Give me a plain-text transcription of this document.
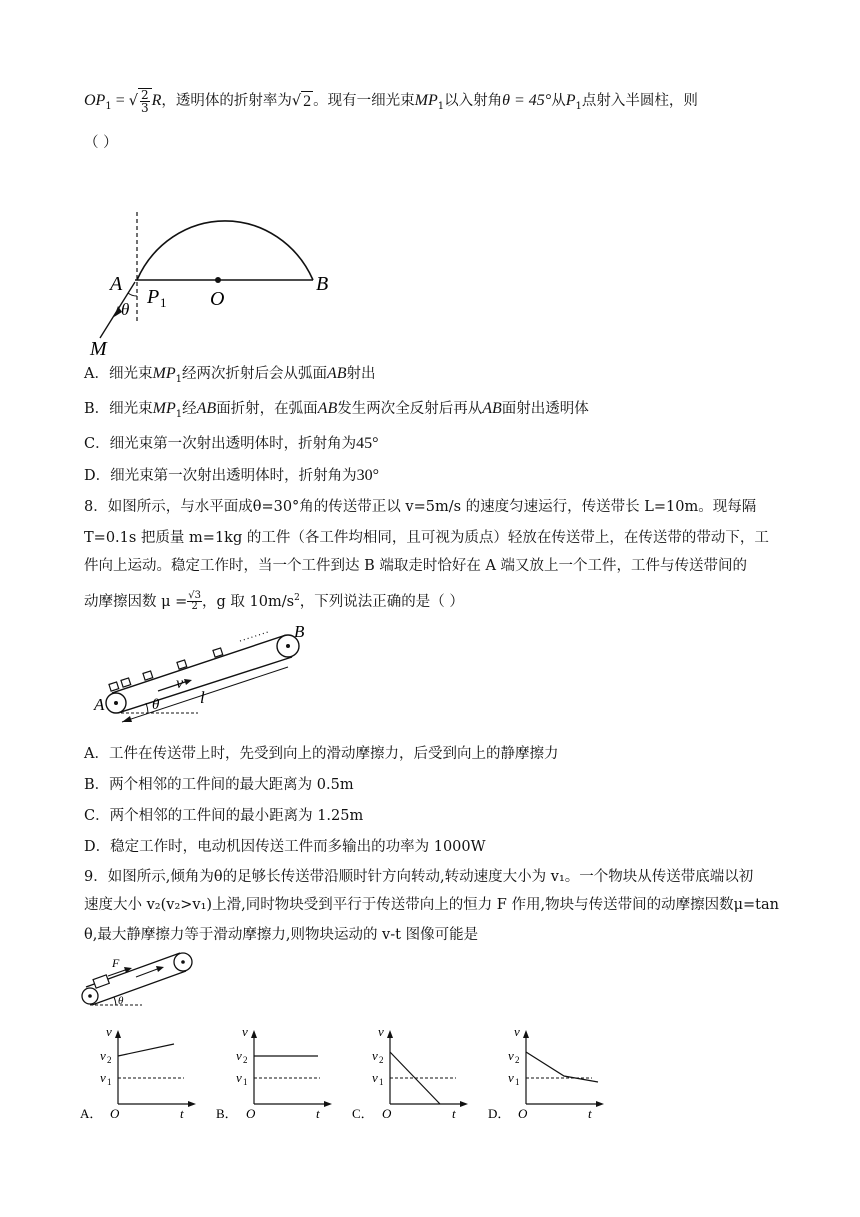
$OP_1$ = √ $\frac{2}{3}$ R，透明体的折射率为√ 2 。现有一细光束$MP_1$以入射角θ = 45°从$P_1$点射入半圆柱，则
（ ）
A	B
O
P 1
θ
M
A．细光束$MP_1$经两次折射后会从弧面AB射出
B．细光束$MP_1$经AB面折射，在弧面AB发生两次全反射后再从AB面射出透明体
C．细光束第一次射出透明体时，折射角为45°
D．细光束第一次射出透明体时，折射角为30°
8．如图所示，与水平面成θ=30°角的传送带正以 v=5m/s 的速度匀速运行，传送带长 L=10m。现每隔
T=0.1s 把质量 m=1kg 的工件（各工件均相同，且可视为质点）轻放在传送带上，在传送带的带动下，工
件向上运动。稳定工作时，当一个工件到达 B 端取走时恰好在 A 端又放上一个工件，工件与传送带间的
动摩擦因数 $\mu = \frac{√3}{2}$ ，g 取 $10m/s^2$，下列说法正确的是（ ）
A
B
v
l
θ
A．工件在传送带上时，先受到向上的滑动摩擦力，后受到向上的静摩擦力
B．两个相邻的工件间的最大距离为 0.5m
C．两个相邻的工件间的最小距离为 1.25m
D．稳定工作时，电动机因传送工件而多输出的功率为 1000W
9．如图所示,倾角为θ的足够长传送带沿顺时针方向转动,转动速度大小为 v₁。一个物块从传送带底端以初
速度大小 v₂(v₂>v₁)上滑,同时物块受到平行于传送带向上的恒力 F 作用,物块与传送带间的动摩擦因数μ=tan
θ,最大静摩擦力等于滑动摩擦力,则物块运动的 v-t 图像可能是
F
θ
v
v 2
v 1
O	t
A．
v
v 2
v 1
O	t
B．
v
v 2
v 1
O	t
C．
v
v 2
v 1
O	t
D．
